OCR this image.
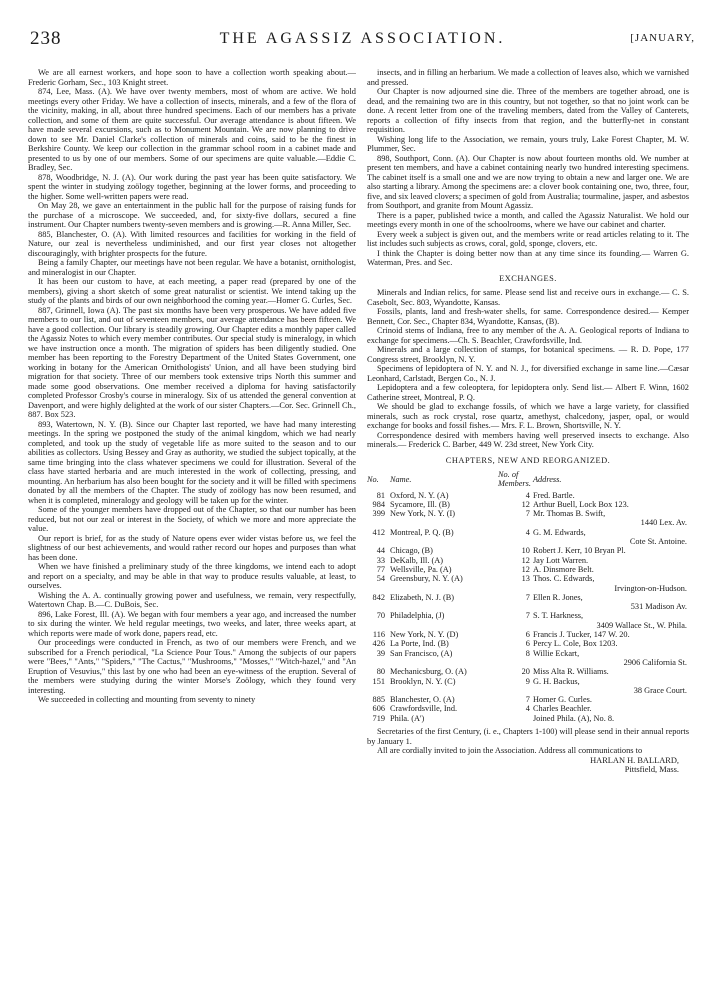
238	THE AGASSIZ ASSOCIATION.	[JANUARY,

We are all earnest workers, and hope soon to have a collection worth speaking about.— Frederic Gorham, Sec., 103 Knight street.

874, Lee, Mass. (A). We have over twenty members, most of whom are active. We hold meetings every other Friday. We have a collection of insects, minerals, and a few of the flora of the vicinity, making, in all, about three hundred specimens. Each of our members has a private collection, and some of them are quite successful. Our average attendance is about fifteen. We have made several excursions, such as to Monument Mountain. We are now planning to drive down to see Mr. Daniel Clarke's collection of minerals and coins, said to be the finest in Berkshire County. We keep our collection in the grammar school room in a cabinet made and presented to us by one of our members. Some of our specimens are quite valuable.—Eddie C. Bradley, Sec.

878, Woodbridge, N. J. (A). Our work during the past year has been quite satisfactory. We spent the winter in studying zoölogy together, beginning at the lower forms, and proceeding to the higher. Some well-written papers were read.

On May 28, we gave an entertainment in the public hall for the purpose of raising funds for the purchase of a microscope. We succeeded, and, for sixty-five dollars, secured a fine instrument. Our Chapter numbers twenty-seven members and is growing.—R. Anna Miller, Sec.

885, Blanchester, O. (A). With limited resources and facilities for working in the field of Nature, our zeal is nevertheless undiminished, and our first year closes not altogether discouragingly, with brighter prospects for the future.

Being a family Chapter, our meetings have not been regular. We have a botanist, ornithologist, and mineralogist in our Chapter.

It has been our custom to have, at each meeting, a paper read (prepared by one of the members), giving a short sketch of some great naturalist or scientist. We intend taking up the study of the plants and birds of our own neighborhood the coming year.—Homer G. Curles, Sec.

887, Grinnell, Iowa (A). The past six months have been very prosperous. We have added five members to our list, and out of seventeen members, our average attendance has been fifteen. We have a good collection. Our library is steadily growing. Our Chapter edits a monthly paper called the Agassiz Notes to which every member contributes. Our special study is mineralogy, in which we have instruction once a month. The migration of spiders has been diligently studied. One member has been reporting to the Forestry Department of the United States Government, one working in botany for the American Ornithologists' Union, and all have been studying bird migration for that society. Three of our members took extensive trips North this summer and made some good observations. One member received a diploma for having satisfactorily completed Professor Crosby's course in mineralogy. Six of us attended the general convention at Davenport, and were highly delighted at the work of our sister Chapters.—Cor. Sec. Grinnell Ch., 887. Box 523.

893, Watertown, N. Y. (B). Since our Chapter last reported, we have had many interesting meetings. In the spring we postponed the study of the animal kingdom, which we had nearly completed, and took up the study of vegetable life as more suited to the season and to our abilities as collectors. Using Bessey and Gray as authority, we studied the subject topically, at the same time bringing into the class whatever specimens we could for illustration. Several of the class have started herbaria and are much interested in the work of collecting, pressing, and mounting. An herbarium has also been bought for the society and it will be filled with specimens donated by all the members of the Chapter. The study of zoölogy has now been resumed, and when it is completed, mineralogy and geology will be taken up for the winter.

Some of the younger members have dropped out of the Chapter, so that our number has been reduced, but not our zeal or interest in the Society, of which we more and more appreciate the value.

Our report is brief, for as the study of Nature opens ever wider vistas before us, we feel the slightness of our best achievements, and would rather record our hopes and purposes than what has been done.

When we have finished a preliminary study of the three kingdoms, we intend each to adopt and report on a specialty, and may be able in that way to produce results valuable, at least, to ourselves.

Wishing the A. A. continually growing power and usefulness, we remain, very respectfully, Watertown Chap. B.—C. DuBois, Sec.

896, Lake Forest, Ill. (A). We began with four members a year ago, and increased the number to six during the winter. We held regular meetings, two weeks, and later, three weeks apart, at which reports were made of work done, papers read, etc.

Our proceedings were conducted in French, as two of our members were French, and we subscribed for a French periodical, "La Science Pour Tous." Among the subjects of our papers were "Bees," "Ants," "Spiders," "The Cactus," "Mushrooms," "Mosses," "Witch-hazel," and "An Eruption of Vesuvius," this last by one who had been an eye-witness of the eruption. Several of the members were studying during the winter Morse's Zoölogy, which they found very interesting.

We succeeded in collecting and mounting from seventy to ninety

insects, and in filling an herbarium. We made a collection of leaves also, which we varnished and pressed.

Our Chapter is now adjourned sine die. Three of the members are together abroad, one is dead, and the remaining two are in this country, but not together, so that no joint work can be done. A recent letter from one of the traveling members, dated from the Valley of Canterets, reports a collection of fifty insects from that region, and the butterfly-net in constant requisition.

Wishing long life to the Association, we remain, yours truly, Lake Forest Chapter, M. W. Plummer, Sec.

898, Southport, Conn. (A). Our Chapter is now about fourteen months old. We number at present ten members, and have a cabinet containing nearly two hundred interesting specimens. The cabinet itself is a small one and we are now trying to obtain a new and larger one. We are also starting a library. Among the specimens are: a clover book containing one, two, three, four, five, and six leaved clovers; a specimen of gold from Australia; tourmaline, jasper, and asbestos from Southport, and granite from Mount Agassiz.

There is a paper, published twice a month, and called the Agassiz Naturalist. We hold our meetings every month in one of the schoolrooms, where we have our cabinet and charter.

Every week a subject is given out, and the members write or read articles relating to it. The list includes such subjects as crows, coral, gold, sponge, clovers, etc.

I think the Chapter is doing better now than at any time since its founding.— Warren G. Waterman, Pres. and Sec.

EXCHANGES.

Minerals and Indian relics, for same. Please send list and receive ours in exchange.— C. S. Casebolt, Sec. 803, Wyandotte, Kansas.

Fossils, plants, land and fresh-water shells, for same. Correspondence desired.— Kemper Bennett, Cor. Sec., Chapter 834, Wyandotte, Kansas, (B).

Crinoid stems of Indiana, free to any member of the A. A. Geological reports of Indiana to exchange for specimens.—Ch. S. Beachler, Crawfordsville, Ind.

Minerals and a large collection of stamps, for botanical specimens. — R. D. Pope, 177 Congress street, Brooklyn, N. Y.

Specimens of lepidoptera of N. Y. and N. J., for diversified exchange in same line.—Cæsar Leonhard, Carlstadt, Bergen Co., N. J.

Lepidoptera and a few coleoptera, for lepidoptera only. Send list.— Albert F. Winn, 1602 Catherine street, Montreal, P. Q.

We should be glad to exchange fossils, of which we have a large variety, for classified minerals, such as rock crystal, rose quartz, amethyst, chalcedony, jasper, opal, or would exchange for books and fossil fishes.— Mrs. F. L. Brown, Shortsville, N. Y.

Correspondence desired with members having well preserved insects to exchange. Also minerals.— Frederick C. Barber, 449 W. 23d street, New York City.

CHAPTERS, NEW AND REORGANIZED.

No.	Name.	No. of Members.	Address.
81	Oxford, N. Y. (A)	4	Fred. Bartle.
984	Sycamore, Ill. (B)	12	Arthur Buell, Lock Box 123.
399	New York, N. Y. (I)	7	Mr. Thomas B. Swift,
1440 Lex. Av.

412	Montreal, P. Q. (B)	4	G. M. Edwards,
Cote St. Antoine.

44	Chicago, (B)	10	Robert J. Kerr, 10 Bryan Pl.
33	DeKalb, Ill. (A)	12	Jay Lott Warren.
77	Wellsville, Pa. (A)	12	A. Dinsmore Belt.
54	Greensbury, N. Y. (A)	13	Thos. C. Edwards,
Irvington-on-Hudson.

842	Elizabeth, N. J. (B)	7	Ellen R. Jones,
531 Madison Av.

70	Philadelphia, (J)	7	S. T. Harkness,
3409 Wallace St., W. Phila.

116	New York, N. Y. (D)	6	Francis J. Tucker, 147 W. 20.
426	La Porte, Ind. (B)	6	Percy L. Cole, Box 1203.
39	San Francisco, (A)	8	Willie Eckart,
2906 California St.

80	Mechanicsburg, O. (A)	20	Miss Alta R. Williams.
151	Brooklyn, N. Y. (C)	9	G. H. Backus,
38 Grace Court.

885	Blanchester, O. (A)	7	Homer G. Curles.
606	Crawfordsville, Ind.	4	Charles Beachler.
719	Phila. (A')		Joined Phila. (A), No. 8.

Secretaries of the first Century, (i. e., Chapters 1-100) will please send in their annual reports by January 1.

All are cordially invited to join the Association. Address all communications to

HARLAN H. BALLARD,

Pittsfield, Mass.
